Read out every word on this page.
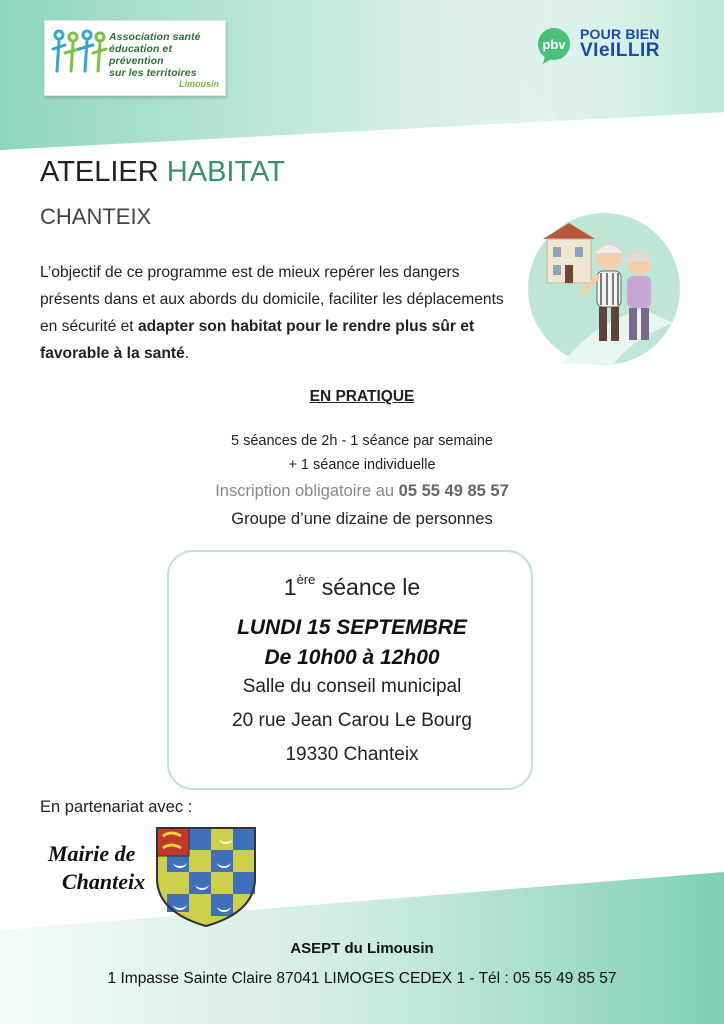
Association santé
éducation et prévention
sur les territoires
Limousin
pbv
POUR BIEN
VIeILLIR
ATELIER HABITAT
CHANTEIX
L’objectif de ce programme est de mieux repérer les dangers présents dans et aux abords du domicile, faciliter les déplacements en sécurité et adapter son habitat pour le rendre plus sûr et favorable à la santé.
EN PRATIQUE
5 séances de 2h - 1 séance par semaine
+ 1 séance individuelle
Inscription obligatoire au 05 55 49 85 57
Groupe d’une dizaine de personnes
1ère séance le
LUNDI 15 SEPTEMBRE
De 10h00 à 12h00
Salle du conseil municipal
20 rue Jean Carou Le Bourg
19330 Chanteix
En partenariat avec :
Mairie de
Chanteix
ASEPT du Limousin
1 Impasse Sainte Claire 87041 LIMOGES CEDEX 1 - Tél : 05 55 49 85 57
